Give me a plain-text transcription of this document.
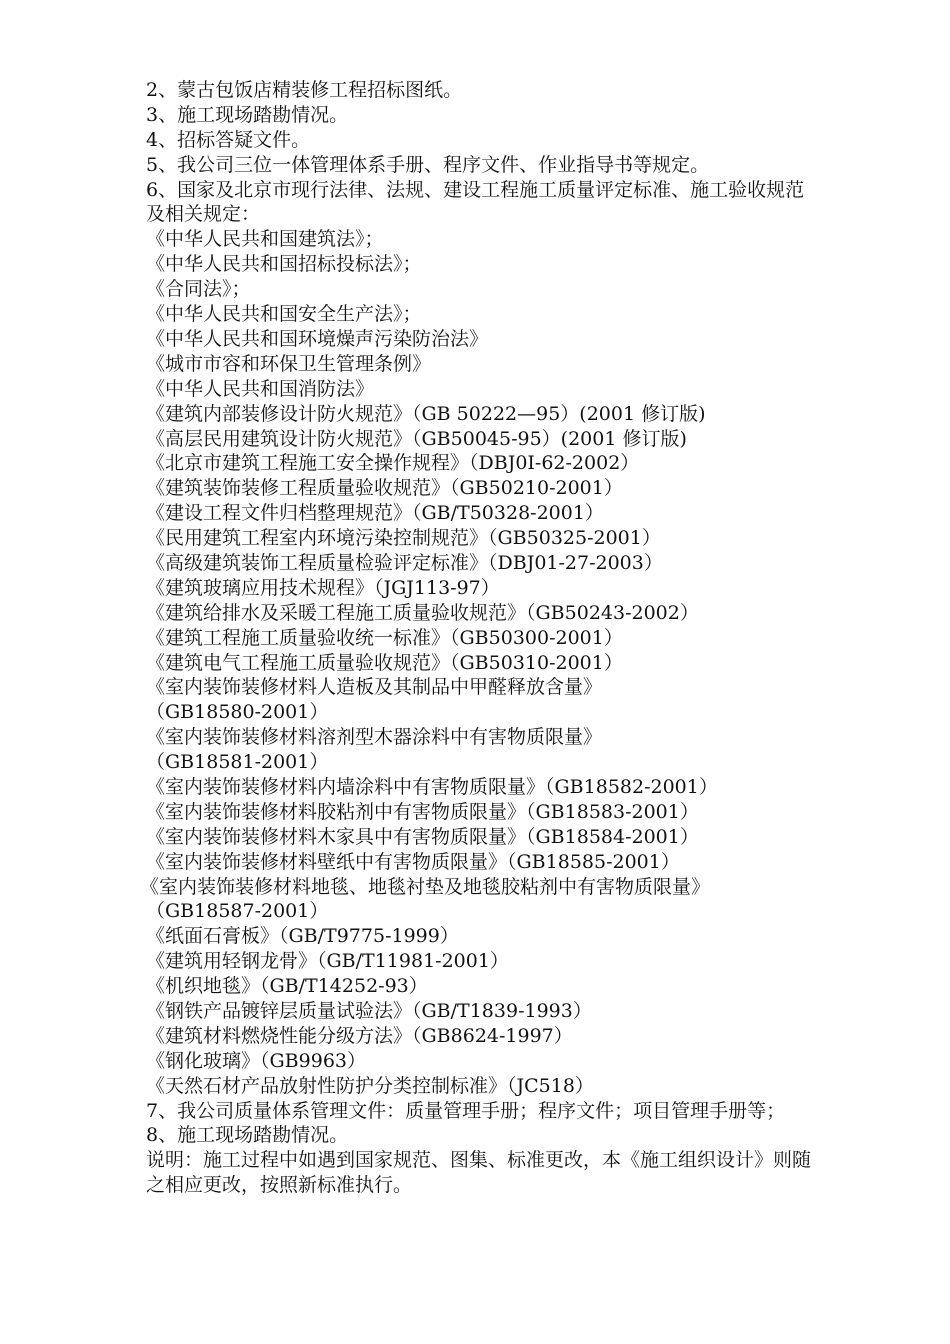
2、蒙古包饭店精装修工程招标图纸。
3、施工现场踏勘情况。
4、招标答疑文件。
5、我公司三位一体管理体系手册、程序文件、作业指导书等规定。
6、国家及北京市现行法律、法规、建设工程施工质量评定标准、施工验收规范及相关规定：
《中华人民共和国建筑法》；
《中华人民共和国招标投标法》；
《合同法》；
《中华人民共和国安全生产法》；
《中华人民共和国环境燥声污染防治法》
《城市市容和环保卫生管理条例》
《中华人民共和国消防法》
《建筑内部装修设计防火规范》（GB 50222—95）(2001 修订版)
《高层民用建筑设计防火规范》（GB50045-95）(2001 修订版)
《北京市建筑工程施工安全操作规程》（DBJ0I-62-2002）
《建筑装饰装修工程质量验收规范》（GB50210-2001）
《建设工程文件归档整理规范》（GB/T50328-2001）
《民用建筑工程室内环境污染控制规范》（GB50325-2001）
《高级建筑装饰工程质量检验评定标准》（DBJ01-27-2003）
《建筑玻璃应用技术规程》（JGJ113-97）
《建筑给排水及采暖工程施工质量验收规范》（GB50243-2002）
《建筑工程施工质量验收统一标准》（GB50300-2001）
《建筑电气工程施工质量验收规范》（GB50310-2001）
《室内装饰装修材料人造板及其制品中甲醛释放含量》
（GB18580-2001）
《室内装饰装修材料溶剂型木器涂料中有害物质限量》
（GB18581-2001）
《室内装饰装修材料内墙涂料中有害物质限量》（GB18582-2001）
《室内装饰装修材料胶粘剂中有害物质限量》（GB18583-2001）
《室内装饰装修材料木家具中有害物质限量》（GB18584-2001）
《室内装饰装修材料壁纸中有害物质限量》（GB18585-2001）
《室内装饰装修材料地毯、地毯衬垫及地毯胶粘剂中有害物质限量》
（GB18587-2001）
《纸面石膏板》（GB/T9775-1999）
《建筑用轻钢龙骨》（GB/T11981-2001）
《机织地毯》（GB/T14252-93）
《钢铁产品镀锌层质量试验法》（GB/T1839-1993）
《建筑材料燃烧性能分级方法》（GB8624-1997）
《钢化玻璃》（GB9963）
《天然石材产品放射性防护分类控制标准》（JC518）
7、我公司质量体系管理文件：质量管理手册；程序文件；项目管理手册等；
8、施工现场踏勘情况。
说明：施工过程中如遇到国家规范、图集、标准更改，本《施工组织设计》则随之相应更改，按照新标准执行。
